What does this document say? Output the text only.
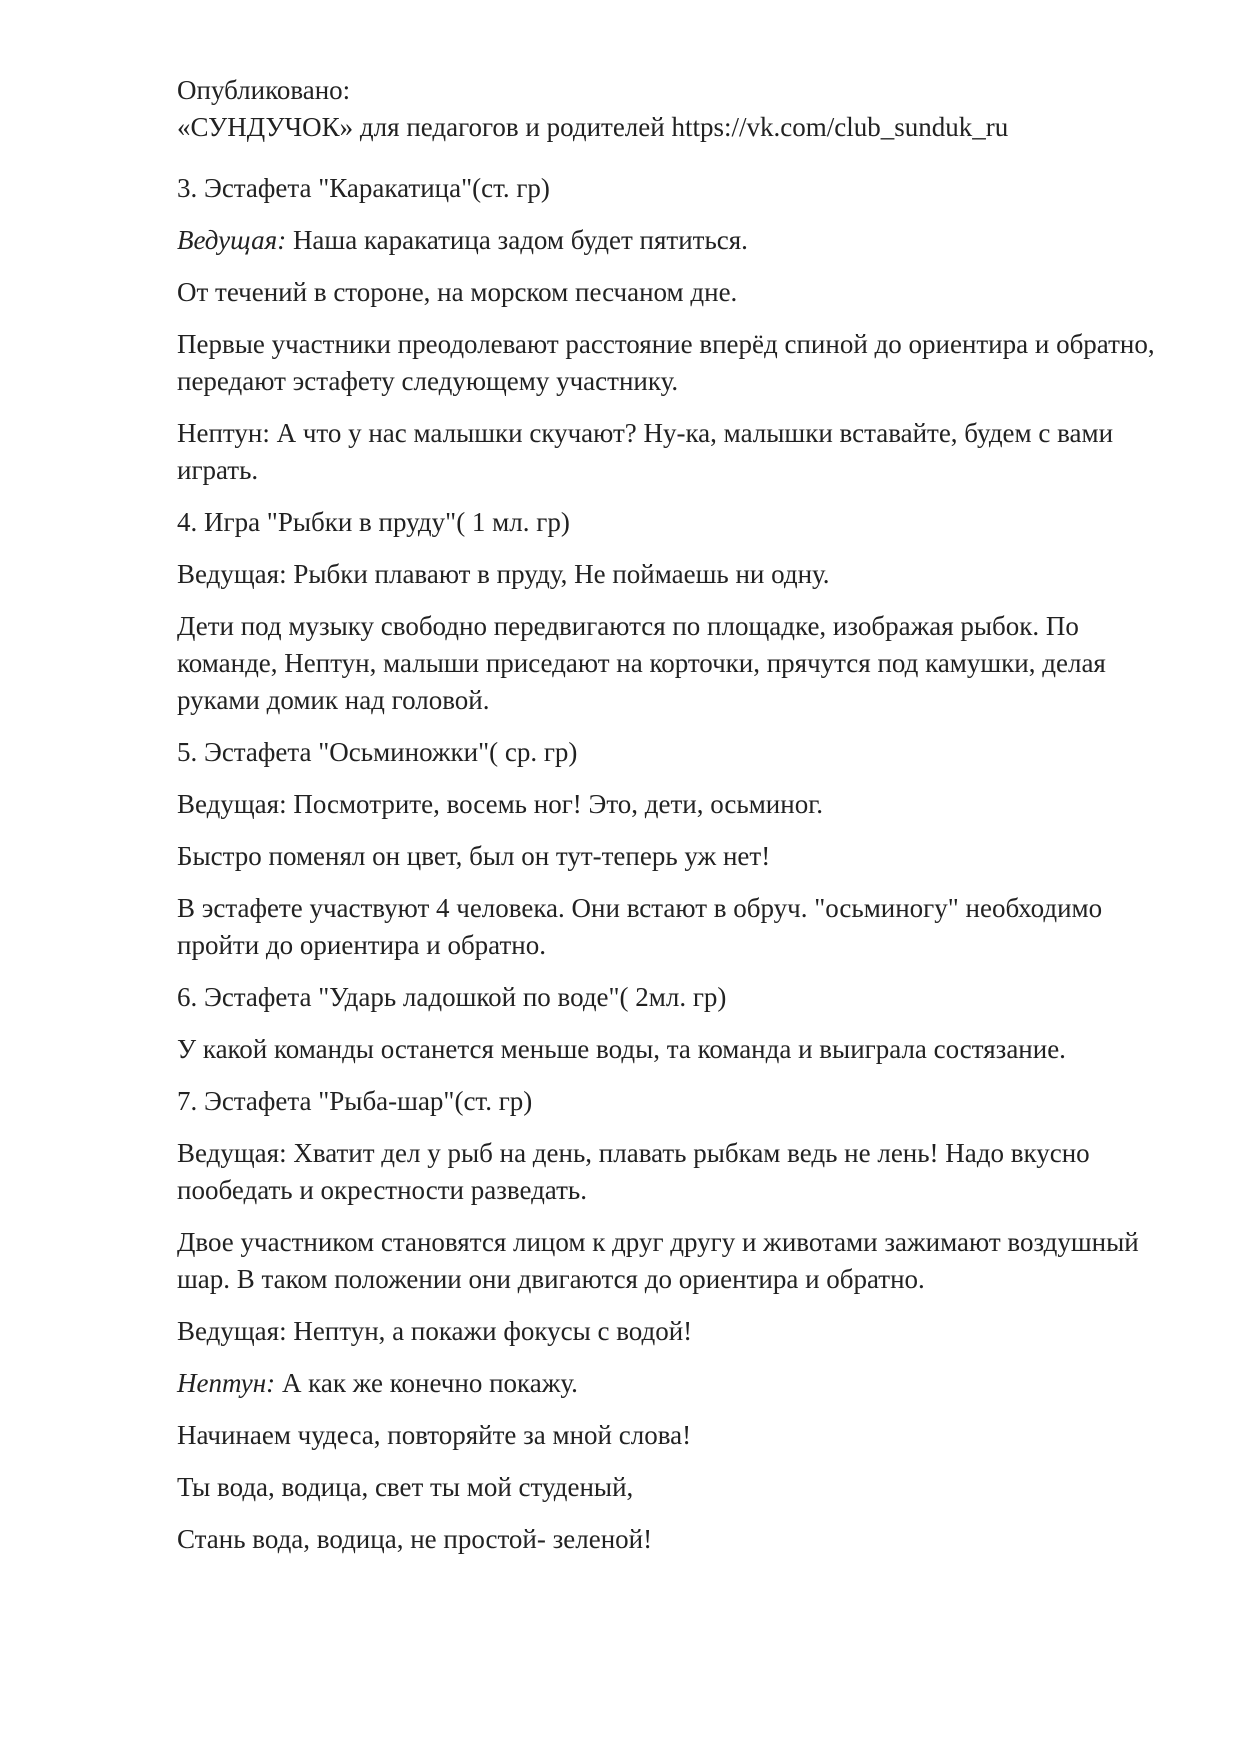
Опубликовано:

«СУНДУЧОК» для педагогов и родителей https://vk.com/club_sunduk_ru

3. Эстафета "Каракатица"(ст. гр)

Ведущая: Наша каракатица задом будет пятиться.

От течений в стороне, на морском песчаном дне.

Первые участники преодолевают расстояние вперёд спиной до ориентира и обратно, передают эстафету следующему участнику.

Нептун: А что у нас малышки скучают? Ну-ка, малышки вставайте, будем с вами играть.

4. Игра "Рыбки в пруду"( 1 мл. гр)

Ведущая: Рыбки плавают в пруду, Не поймаешь ни одну.

Дети под музыку свободно передвигаются по площадке, изображая рыбок. По команде, Нептун, малыши приседают на корточки, прячутся под камушки, делая руками домик над головой.

5. Эстафета "Осьминожки"( ср. гр)

Ведущая: Посмотрите, восемь ног! Это, дети, осьминог.

Быстро поменял он цвет, был он тут-теперь уж нет!

В эстафете участвуют 4 человека. Они встают в обруч. "осьминогу" необходимо пройти до ориентира и обратно.

6. Эстафета "Ударь ладошкой по воде"( 2мл. гр)

У какой команды останется меньше воды, та команда и выиграла состязание.

7. Эстафета "Рыба-шар"(ст. гр)

Ведущая: Хватит дел у рыб на день, плавать рыбкам ведь не лень! Надо вкусно пообедать и окрестности разведать.

Двое участником становятся лицом к друг другу и животами зажимают воздушный шар. В таком положении они двигаются до ориентира и обратно.

Ведущая: Нептун, а покажи фокусы с водой!

Нептун: А как же конечно покажу.

Начинаем чудеса, повторяйте за мной слова!

Ты вода, водица, свет ты мой студеный,

Стань вода, водица, не простой- зеленой!
